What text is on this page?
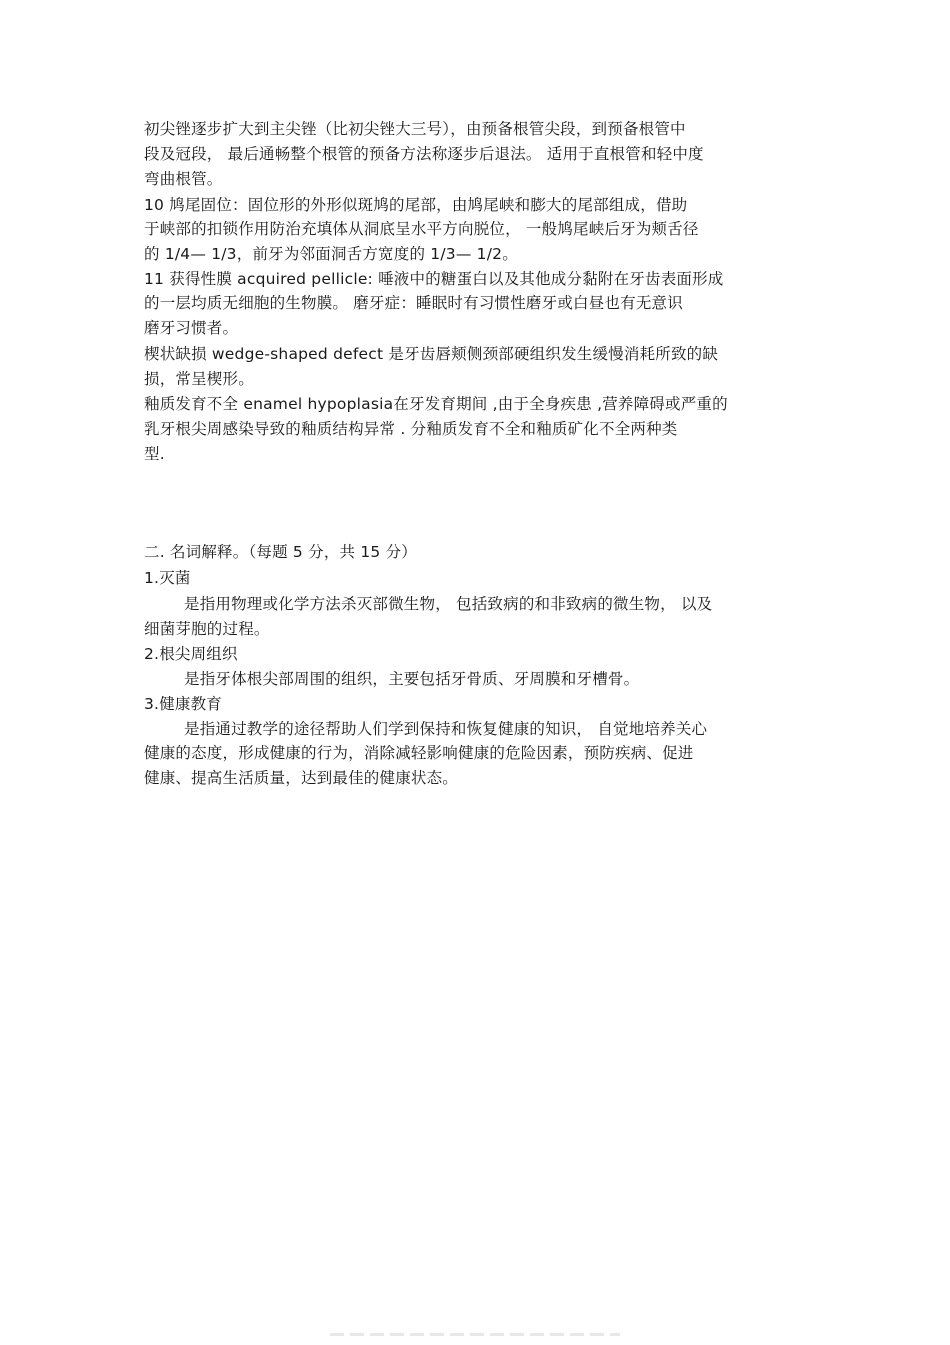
初尖锉逐步扩大到主尖锉（比初尖锉大三号），由预备根管尖段，到预备根管中
段及冠段， 最后通畅整个根管的预备方法称逐步后退法。 适用于直根管和轻中度
弯曲根管。
10 鸠尾固位：固位形的外形似斑鸠的尾部，由鸠尾峡和膨大的尾部组成，借助
于峡部的扣锁作用防治充填体从洞底呈水平方向脱位， 一般鸠尾峡后牙为颊舌径
的 1/4— 1/3，前牙为邻面洞舌方宽度的 1/3— 1/2。
11 获得性膜 acquired pellicle: 唾液中的糖蛋白以及其他成分黏附在牙齿表面形成
的一层均质无细胞的生物膜。 磨牙症：睡眠时有习惯性磨牙或白昼也有无意识
磨牙习惯者。
楔状缺损 wedge-shaped defect 是牙齿唇颊侧颈部硬组织发生缓慢消耗所致的缺
损，常呈楔形。
釉质发育不全 enamel hypoplasia在牙发育期间 ,由于全身疾患 ,营养障碍或严重的
乳牙根尖周感染导致的釉质结构异常 . 分釉质发育不全和釉质矿化不全两种类
型.
二. 名词解释。（每题 5 分，共 15 分）
1.灭菌
是指用物理或化学方法杀灭部微生物， 包括致病的和非致病的微生物， 以及
细菌芽胞的过程。
2.根尖周组织
是指牙体根尖部周围的组织，主要包括牙骨质、牙周膜和牙槽骨。
3.健康教育
是指通过教学的途径帮助人们学到保持和恢复健康的知识， 自觉地培养关心
健康的态度，形成健康的行为，消除减轻影响健康的危险因素，预防疾病、促进
健康、提高生活质量，达到最佳的健康状态。
